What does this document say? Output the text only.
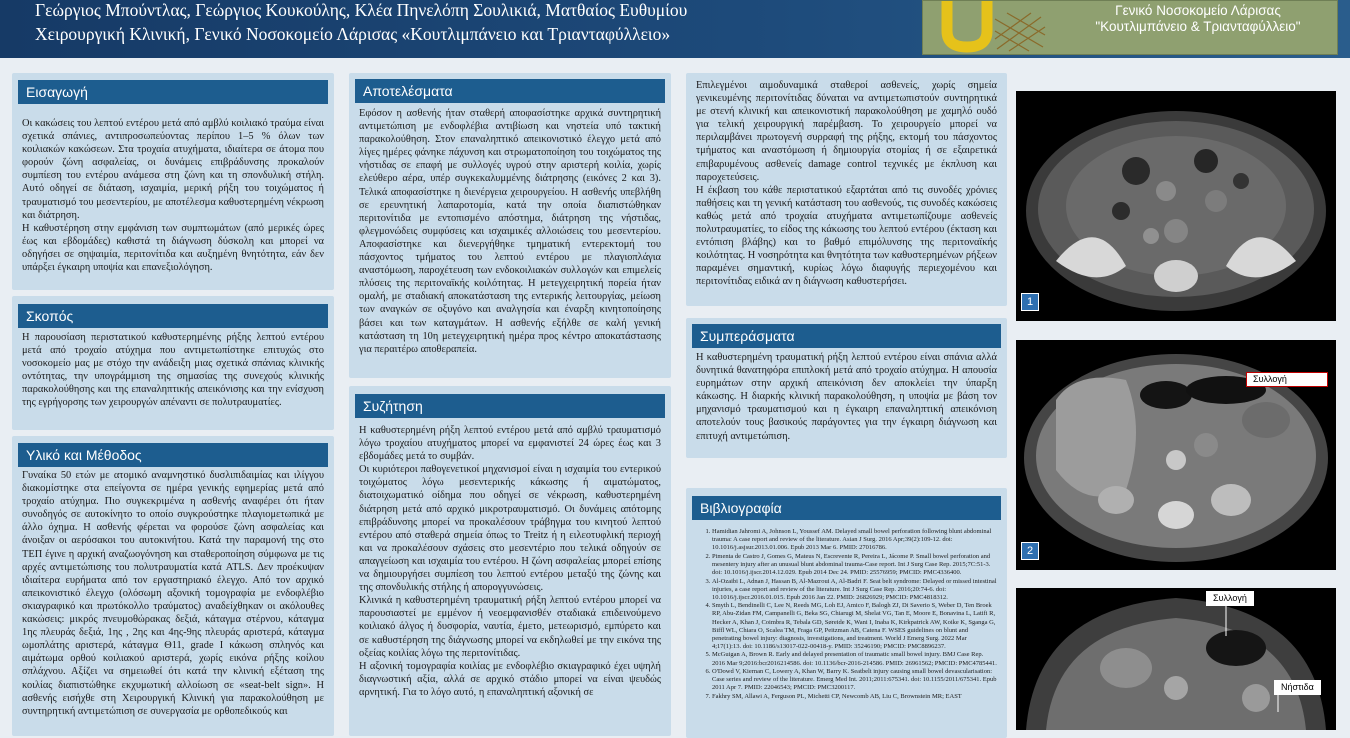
Γεώργιος Μπούντλας, Γεώργιος Κουκούλης, Κλέα Πηνελόπη Σουλικιά, Ματθαίος Ευθυμίου
Χειρουργική Κλινική, Γενικό Νοσοκομείο Λάρισας «Κουτλιμπάνειο και Τριανταφύλλειο»
Γενικό Νοσοκομείο Λάρισας
"Κουτλιμπάνειο & Τριανταφύλλειο"
Εισαγωγή

Οι κακώσεις του λεπτού εντέρου μετά από αμβλύ κοιλιακό τραύμα είναι σχετικά σπάνιες, αντιπροσωπεύοντας περίπου 1–5 % όλων των κοιλιακών κακώσεων. Στα τροχαία ατυχήματα, ιδιαίτερα σε άτομα που φορούν ζώνη ασφαλείας, οι δυνάμεις επιβράδυνσης προκαλούν συμπίεση του εντέρου ανάμεσα στη ζώνη και τη σπονδυλική στήλη. Αυτό οδηγεί σε διάταση, ισχαιμία, μερική ρήξη του τοιχώματος ή τραυματισμό του μεσεντερίου, με αποτέλεσμα καθυστερημένη νέκρωση και διάτρηση.

Η καθυστέρηση στην εμφάνιση των συμπτωμάτων (από μερικές ώρες έως και εβδομάδες) καθιστά τη διάγνωση δύσκολη και μπορεί να οδηγήσει σε σηψαιμία, περιτονίτιδα και αυξημένη θνητότητα, εάν δεν υπάρξει έγκαιρη υποψία και επανεξιολόγηση.

Σκοπός

Η παρουσίαση περιστατικού καθυστερημένης ρήξης λεπτού εντέρου μετά από τροχαίο ατύχημα που αντιμετωπίστηκε επιτυχώς στο νοσοκομείο μας με στόχο την ανάδειξη μιας σχετικά σπάνιας κλινικής οντότητας, την υπογράμμιση της σημασίας της συνεχούς κλινικής παρακολούθησης και της επαναληπτικής απεικόνισης και την ενίσχυση της εγρήγορσης των χειρουργών απέναντι σε πολυτραυματίες.

Υλικό και Μέθοδος

Γυναίκα 50 ετών με ατομικό αναμνηστικό δυσλιπιδαιμίας και ιλίγγου διακομίστηκε στα επείγοντα σε ημέρα γενικής εφημερίας μετά από τροχαίο ατύχημα. Πιο συγκεκριμένα η ασθενής αναφέρει ότι ήταν συνοδηγός σε αυτοκίνητο το οποίο συγκρούστηκε πλαγιομετωπικά με άλλο όχημα. Η ασθενής φέρεται να φορούσε ζώνη ασφαλείας και άνοιξαν οι αερόσακοι του αυτοκινήτου. Κατά την παραμονή της στο ΤΕΠ έγινε η αρχική αναζωογόνηση και σταθεροποίηση σύμφωνα με τις αρχές αντιμετώπισης του πολυτραυματία κατά ATLS. Δεν προέκυψαν ιδιαίτερα ευρήματα από τον εργαστηριακό έλεγχο. Από τον αρχικό απεικονιστικό έλεγχο (ολόσωμη αξονική τομογραφία με ενδοφλέβιο σκιαγραφικό και πρωτόκολλο τραύματος) αναδείχθηκαν οι ακόλουθες κακώσεις: μικρός πνευμοθώρακας δεξιά, κάταγμα στέρνου, κάταγμα 1ης πλευράς δεξιά, 1ης , 2ης και 4ης-9ης πλευράς αριστερά, κάταγμα ωμοπλάτης αριστερά, κάταγμα Θ11, grade I κάκωση σπληνός και αιμάτωμα ορθού κοιλιακού αριστερά, χωρίς εικόνα ρήξης κοίλου σπλάχνου. Αξίζει να σημειωθεί ότι κατά την κλινική εξέταση της κοιλίας διαπιστώθηκε εκχυμωτική αλλοίωση σε «seat-belt sign». Η ασθενής εισήχθε στη Χειρουργική Κλινική για παρακολούθηση με συντηρητική αντιμετώπιση σε συνεργασία με ορθοπεδικούς και

Αποτελέσματα

Εφόσον η ασθενής ήταν σταθερή αποφασίστηκε αρχικά συντηρητική αντιμετώπιση με ενδοφλέβια αντιβίωση και νηστεία υπό τακτική παρακολούθηση. Στον επαναληπτικό απεικονιστικό έλεγχο μετά από λίγες ημέρες φάνηκε πάχυνση και στρωματοποίηση του τοιχώματος της νήστιδας σε επαφή με συλλογές υγρού στην αριστερή κοιλία, χωρίς ελεύθερο αέρα, υπέρ συγκεκαλυμμένης διάτρησης (εικόνες 2 και 3). Τελικά αποφασίστηκε η διενέργεια χειρουργείου. Η ασθενής υπεβλήθη σε ερευνητική λαπαροτομία, κατά την οποία διαπιστώθηκαν περιτονίτιδα με εντοπισμένο απόστημα, διάτρηση της νήστιδας, φλεγμονώδεις συμφύσεις και ισχαιμικές αλλοιώσεις του μεσεντερίου. Αποφασίστηκε και διενεργήθηκε τμηματική εντερεκτομή του πάσχοντος τμήματος του λεπτού εντέρου με πλαγιοπλάγια αναστόμωση, παροχέτευση των ενδοκοιλιακών συλλογών και επιμελείς πλύσεις της περιτοναϊκής κοιλότητας. Η μετεγχειρητική πορεία ήταν ομαλή, με σταδιακή αποκατάσταση της εντερικής λειτουργίας, μείωση των αναγκών σε οξυγόνο και αναλγησία και έναρξη κινητοποίησης βάσει και των καταγμάτων. Η ασθενής εξήλθε σε καλή γενική κατάσταση τη 10η μετεγχειρητική ημέρα προς κέντρο αποκατάστασης για περαιτέρω αποθεραπεία.

Συζήτηση

Η καθυστερημένη ρήξη λεπτού εντέρου μετά από αμβλύ τραυματισμό λόγω τροχαίου ατυχήματος μπορεί να εμφανιστεί 24 ώρες έως και 3 εβδομάδες μετά το συμβάν.

Οι κυριότεροι παθογενετικοί μηχανισμοί είναι η ισχαιμία του εντερικού τοιχώματος λόγω μεσεντερικής κάκωσης ή αιματώματος, διατοιχωματικό οίδημα που οδηγεί σε νέκρωση, καθυστερημένη διάτρηση μετά από αρχικό μικροτραυματισμό. Οι δυνάμεις απότομης επιβράδυνσης μπορεί να προκαλέσουν τράβηγμα του κινητού λεπτού εντέρου από σταθερά σημεία όπως το Treitz ή η ειλεοτυφλική περιοχή και να προκαλέσουν σχάσεις στο μεσεντέριο που τελικά οδηγούν σε απαγγείωση και ισχαιμία του εντέρου. Η ζώνη ασφαλείας μπορεί επίσης να δημιουργήσει συμπίεση του λεπτού εντέρου μεταξύ της ζώνης και της σπονδυλικής στήλης ή απορογγυνώσεις.

Κλινικά η καθυστερημένη τραυματική ρήξη λεπτού εντέρου μπορεί να παρουσιαστεί με εμμένον ή νεοεμφανισθέν σταδιακά επιδεινούμενο κοιλιακό άλγος ή δυσφορία, ναυτία, έμετο, μετεωρισμό, εμπύρετο και σε καθυστέρηση της διάγνωσης μπορεί να εκδηλωθεί με την εικόνα της οξείας κοιλίας λόγω της περιτονίτιδας.

Η αξονική τομογραφία κοιλίας με ενδοφλέβιο σκιαγραφικό έχει υψηλή διαγνωστική αξία, αλλά σε αρχικό στάδιο μπορεί να είναι ψευδώς αρνητική. Για το λόγο αυτό, η επαναληπτική αξονική σε

Επιλεγμένοι αιμοδυναμικά σταθεροί ασθενείς, χωρίς σημεία γενικευμένης περιτονίτιδας δύναται να αντιμετωπιστούν συντηρητικά με στενή κλινική και απεικονιστική παρακολούθηση με χαμηλό ουδό για τελική χειρουργική παρέμβαση. Το χειρουργείο μπορεί να περιλαμβάνει πρωτογενή συρραφή της ρήξης, εκτομή του πάσχοντος τμήματος και αναστόμωση ή δημιουργία στομίας ή σε εξαιρετικά επιβαρυμένους ασθενείς damage control τεχνικές με έκπλυση και παροχετεύσεις.

Η έκβαση του κάθε περιστατικού εξαρτάται από τις συνοδές χρόνιες παθήσεις και τη γενική κατάσταση του ασθενούς, τις συνοδές κακώσεις καθώς μετά από τροχαία ατυχήματα αντιμετωπίζουμε ασθενείς πολυτραυματίες, το είδος της κάκωσης του λεπτού εντέρου (έκταση και εντόπιση βλάβης) και το βαθμό επιμόλυνσης της περιτοναϊκής κοιλότητας. Η νοσηρότητα και θνητότητα των καθυστερημένων ρήξεων παραμένει σημαντική, κυρίως λόγω διαφυγής περιεχομένου και περιτονίτιδας ειδικά αν η διάγνωση καθυστερήσει.

Συμπεράσματα

Η καθυστερημένη τραυματική ρήξη λεπτού εντέρου είναι σπάνια αλλά δυνητικά θανατηφόρα επιπλοκή μετά από τροχαίο ατύχημα. Η απουσία ευρημάτων στην αρχική απεικόνιση δεν αποκλείει την ύπαρξη κάκωσης. Η διαρκής κλινική παρακολούθηση, η υποψία με βάση τον μηχανισμό τραυματισμού και η έγκαιρη επαναληπτική απεικόνιση αποτελούν τους βασικούς παράγοντες για την έγκαιρη διάγνωση και επιτυχή αντιμετώπιση.

Βιβλιογραφία
1. Hamidian Jahromi A, Johnson L, Youssef AM. Delayed small bowel perforation following blunt abdominal trauma: A case report and review of the literature. Asian J Surg. 2016 Apr;39(2):109-12. doi: 10.1016/j.asjsur.2013.01.006. Epub 2013 Mar 6. PMID: 27016786.
2. Pimenta de Castro J, Gomes G, Mateus N, Escrevente R, Pereira L, Jácome P. Small bowel perforation and mesentery injury after an unusual blunt abdominal trauma-Case report. Int J Surg Case Rep. 2015;7C:51-3. doi: 10.1016/j.ijscr.2014.12.029. Epub 2014 Dec 24. PMID: 25576959; PMCID: PMC4336400.
3. Al-Ozaibi L, Adnan J, Hassan B, Al-Mazroui A, Al-Badri F. Seat belt syndrome: Delayed or missed intestinal injuries, a case report and review of the literature. Int J Surg Case Rep. 2016;20:74-6. doi: 10.1016/j.ijscr.2016.01.015. Epub 2016 Jan 22. PMID: 26826929; PMCID: PMC4818312.
4. Smyth L, Bendinelli C, Lee N, Reeds MG, Loh EJ, Amico F, Balogh ZJ, Di Saverio S, Weber D, Ten Broek RP, Abu-Zidan FM, Campanelli G, Beka SG, Chiarugi M, Shelat VG, Tan E, Moore E, Bonavina L, Latifi R, Hecker A, Khan J, Coimbra R, Tebala GD, Søreide K, Wani I, Inaba K, Kirkpatrick AW, Koike K, Sganga G, Biffl WL, Chiara O, Scalea TM, Fraga GP, Peitzman AB, Catena F. WSES guidelines on blunt and penetrating bowel injury: diagnosis, investigations, and treatment. World J Emerg Surg. 2022 Mar 4;17(1):13. doi: 10.1186/s13017-022-00418-y. PMID: 35246190; PMCID: PMC8896237.
5. McGuigan A, Brown R. Early and delayed presentation of traumatic small bowel injury. BMJ Case Rep. 2016 Mar 9;2016:bcr2016214586. doi: 10.1136/bcr-2016-214586. PMID: 26961562; PMCID: PMC4785441.
6. O'Dowd V, Kiernan C, Lowery A, Khan W, Barry K. Seatbelt injury causing small bowel devascularisation: Case series and review of the literature. Emerg Med Int. 2011;2011:675341. doi: 10.1155/2011/675341. Epub 2011 Apr 7. PMID: 22046543; PMCID: PMC3200117.
7. Fakhry SM, Allawi A, Ferguson PL, Michetti CP, Newcomb AB, Liu C, Brownstein MR; EAST
1
Συλλογή
2
Συλλογή
Νήστιδα
